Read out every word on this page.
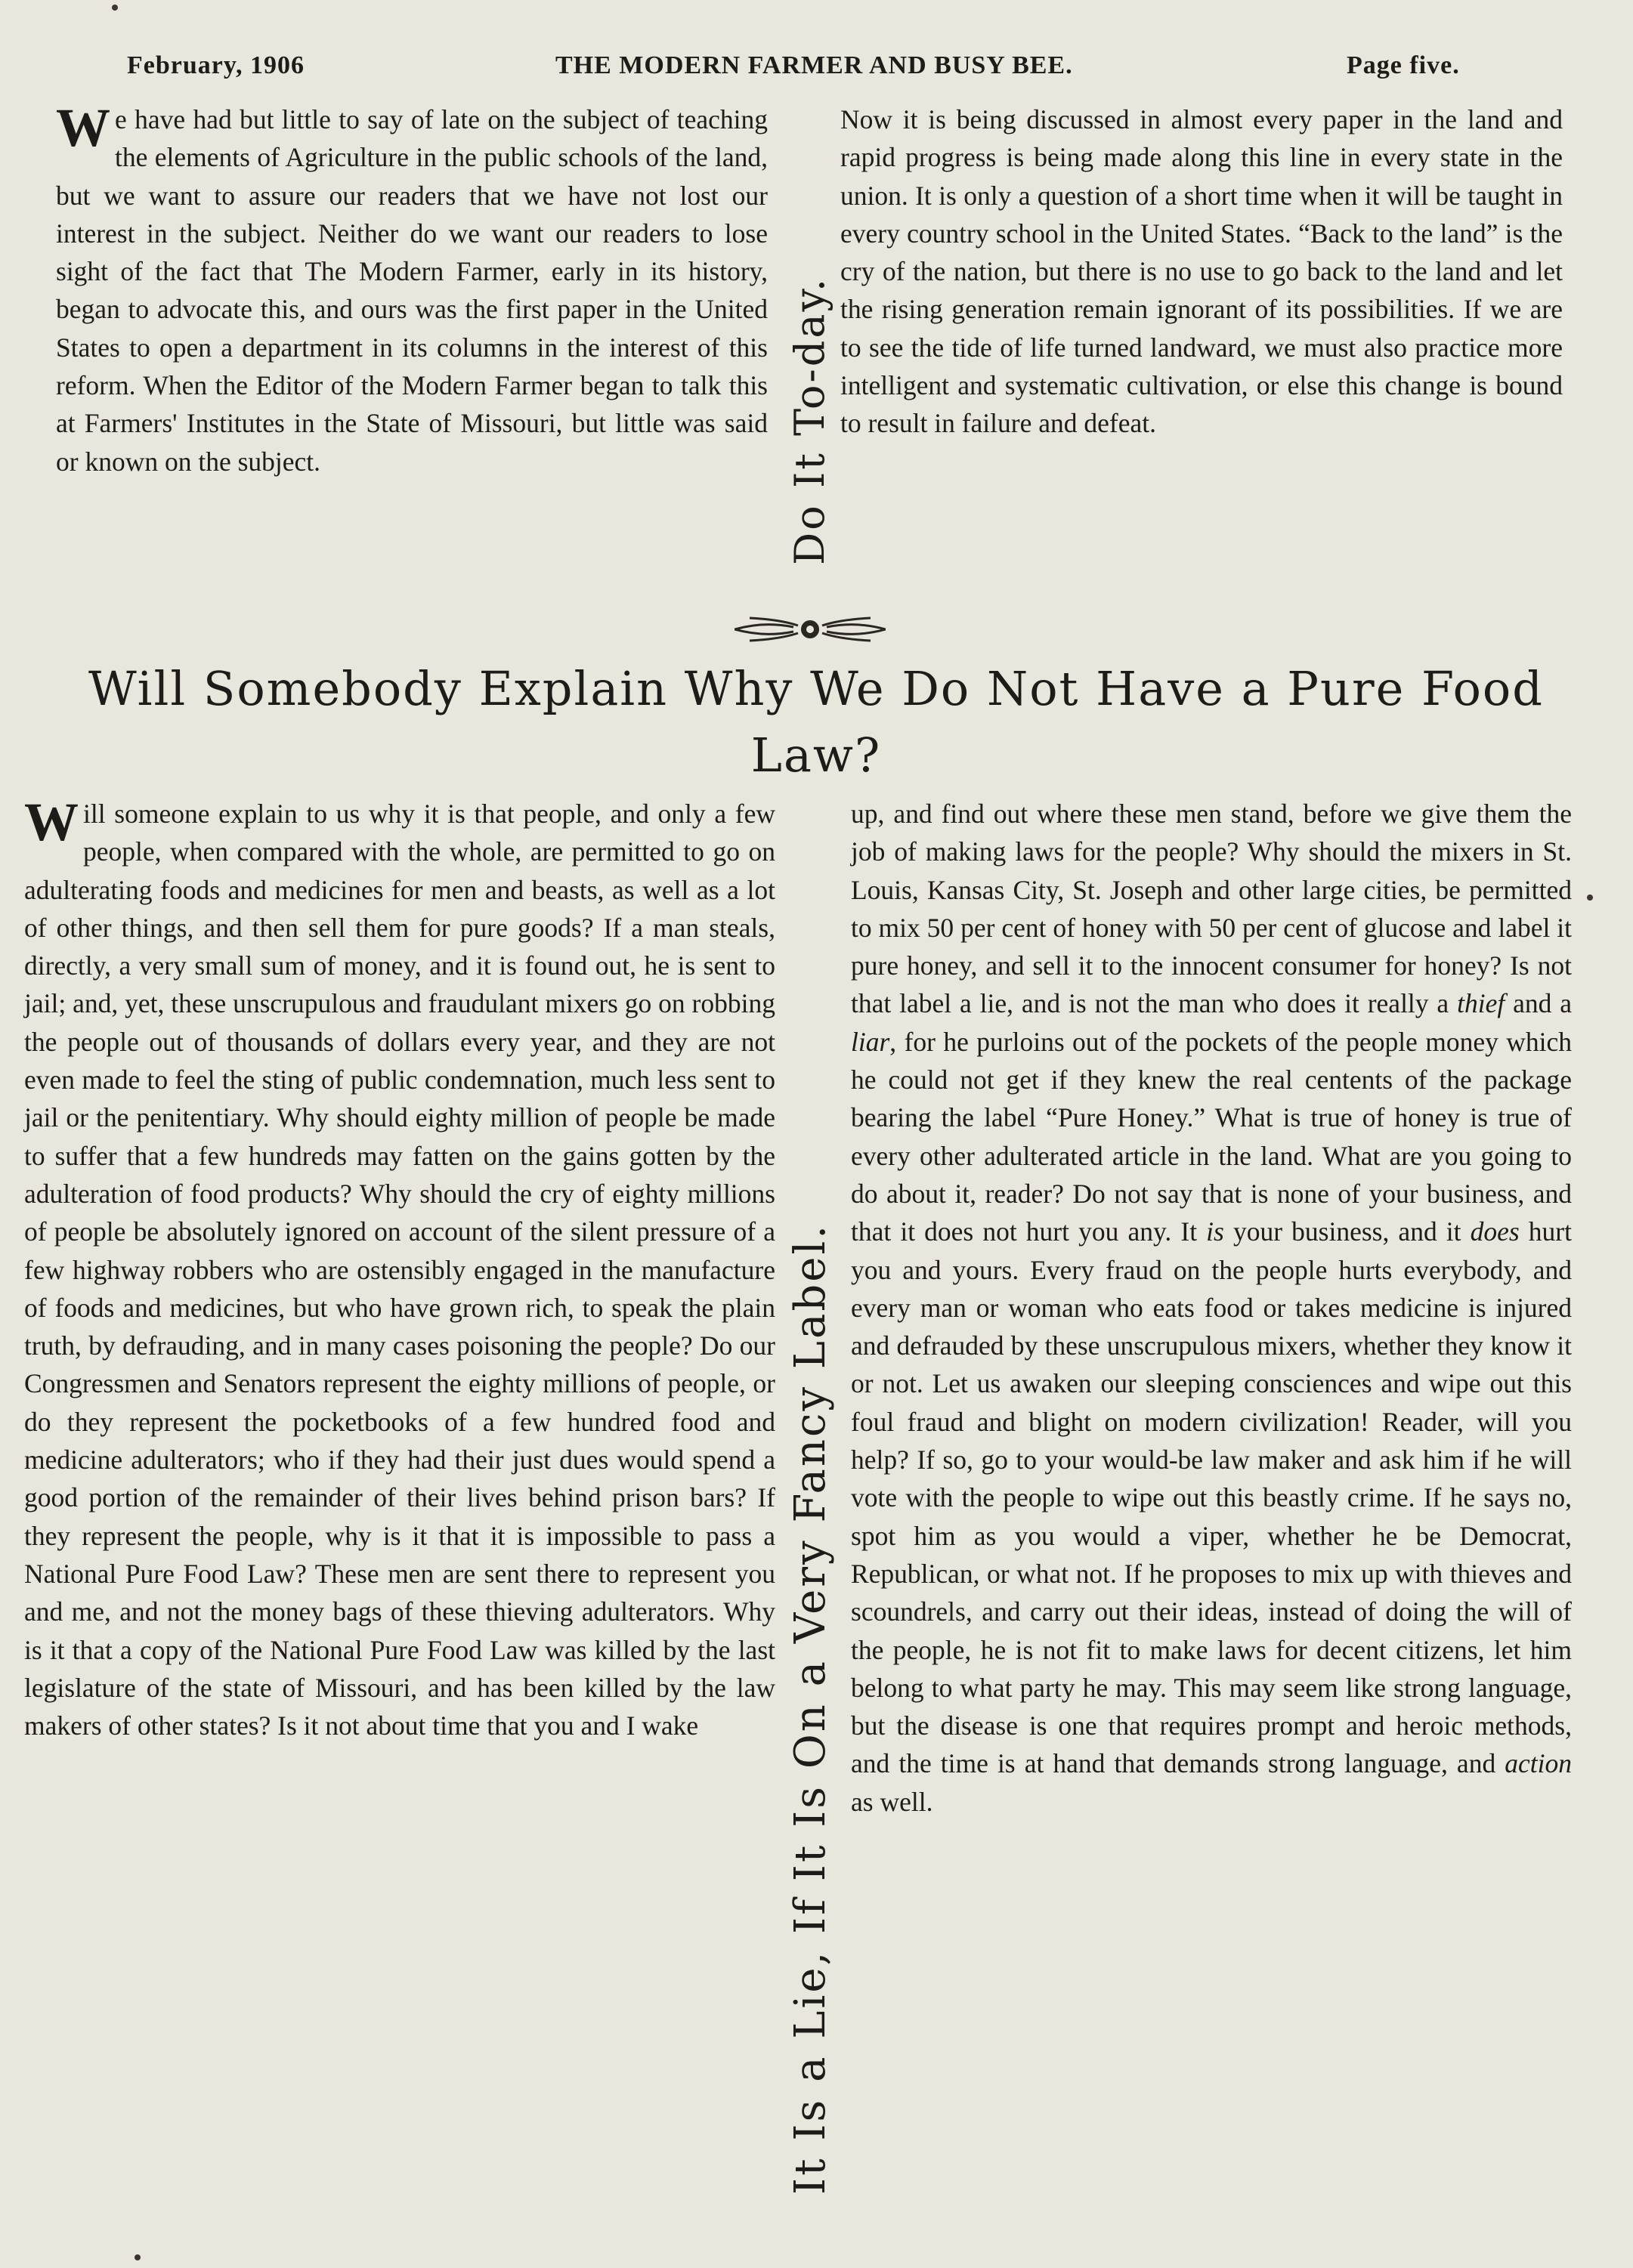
February, 1906	THE MODERN FARMER AND BUSY BEE.	Page five.
We have had but little to say of late on the subject of teaching the elements of Agriculture in the public schools of the land, but we want to assure our readers that we have not lost our interest in the subject. Neither do we want our readers to lose sight of the fact that The Modern Farmer, early in its history, began to advocate this, and ours was the first paper in the United States to open a department in its columns in the interest of this reform. When the Editor of the Modern Farmer began to talk this at Farmers' Institutes in the State of Missouri, but little was said or known on the subject.	Do It To-day.
Now it is being discussed in almost every paper in the land and rapid progress is being made along this line in every state in the union. It is only a question of a short time when it will be taught in every country school in the United States. “Back to the land” is the cry of the nation, but there is no use to go back to the land and let the rising generation remain ignorant of its possibilities. If we are to see the tide of life turned landward, we must also practice more intelligent and systematic cultivation, or else this change is bound to result in failure and defeat.
Will Somebody Explain Why We Do Not Have a Pure Food Law?
Will someone explain to us why it is that people, and only a few people, when compared with the whole, are permitted to go on adulterating foods and medicines for men and beasts, as well as a lot of other things, and then sell them for pure goods? If a man steals, directly, a very small sum of money, and it is found out, he is sent to jail; and, yet, these unscrupulous and fraudulant mixers go on robbing the people out of thousands of dollars every year, and they are not even made to feel the sting of public condemnation, much less sent to jail or the penitentiary. Why should eighty million of people be made to suffer that a few hundreds may fatten on the gains gotten by the adulteration of food products? Why should the cry of eighty millions of people be absolutely ignored on account of the silent pressure of a few highway robbers who are ostensibly engaged in the manufacture of foods and medicines, but who have grown rich, to speak the plain truth, by defrauding, and in many cases poisoning the people? Do our Congressmen and Senators represent the eighty millions of people, or do they represent the pocketbooks of a few hundred food and medicine adulterators; who if they had their just dues would spend a good portion of the remainder of their lives behind prison bars? If they represent the people, why is it that it is impossible to pass a National Pure Food Law? These men are sent there to represent you and me, and not the money bags of these thieving adulterators. Why is it that a copy of the National Pure Food Law was killed by the last legislature of the state of Missouri, and has been killed by the law makers of other states? Is it not about time that you and I wake	It Is a Lie, If It Is On a Very Fancy Label.
up, and find out where these men stand, before we give them the job of making laws for the people? Why should the mixers in St. Louis, Kansas City, St. Joseph and other large cities, be permitted to mix 50 per cent of honey with 50 per cent of glucose and label it pure honey, and sell it to the innocent consumer for honey? Is not that label a lie, and is not the man who does it really a thief and a liar, for he purloins out of the pockets of the people money which he could not get if they knew the real centents of the package bearing the label “Pure Honey.” What is true of honey is true of every other adulterated article in the land. What are you going to do about it, reader? Do not say that is none of your business, and that it does not hurt you any. It is your business, and it does hurt you and yours. Every fraud on the people hurts everybody, and every man or woman who eats food or takes medicine is injured and defrauded by these unscrupulous mixers, whether they know it or not. Let us awaken our sleeping consciences and wipe out this foul fraud and blight on modern civilization! Reader, will you help? If so, go to your would-be law maker and ask him if he will vote with the people to wipe out this beastly crime. If he says no, spot him as you would a viper, whether he be Democrat, Republican, or what not. If he proposes to mix up with thieves and scoundrels, and carry out their ideas, instead of doing the will of the people, he is not fit to make laws for decent citizens, let him belong to what party he may. This may seem like strong language, but the disease is one that requires prompt and heroic methods, and the time is at hand that demands strong language, and action as well.
